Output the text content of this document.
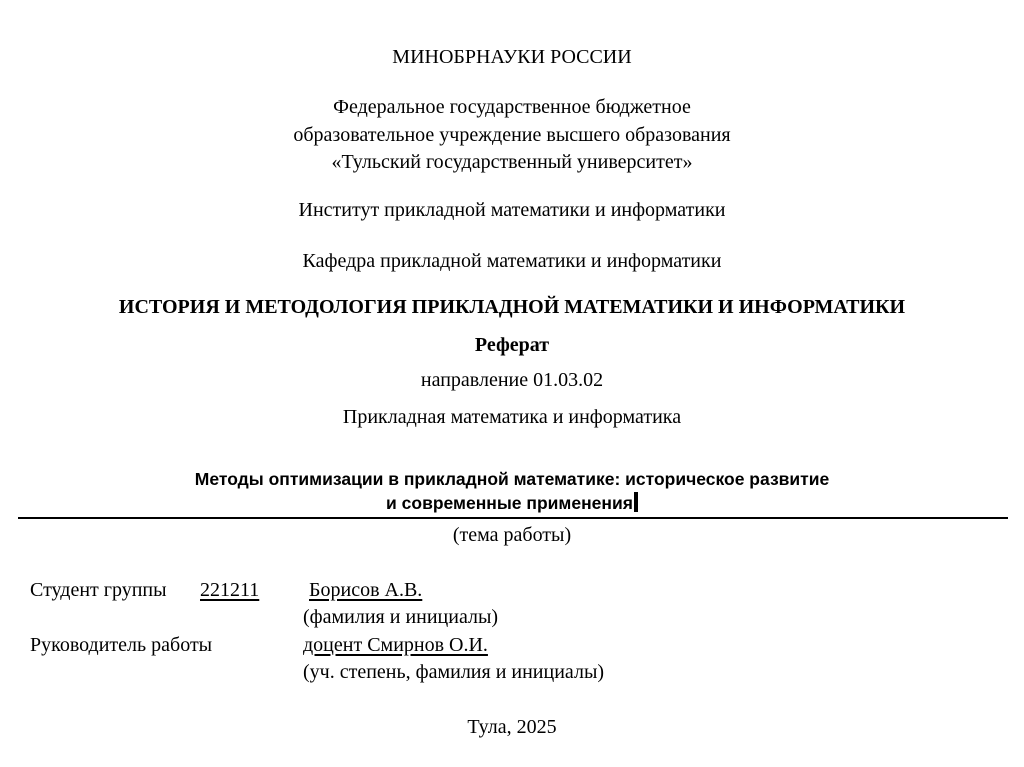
МИНОБРНАУКИ РОССИИ
Федеральное государственное бюджетное
образовательное учреждение высшего образования
«Тульский государственный университет»
Институт прикладной математики и информатики
Кафедра прикладной математики и информатики
ИСТОРИЯ И МЕТОДОЛОГИЯ ПРИКЛАДНОЙ МАТЕМАТИКИ И ИНФОРМАТИКИ
Реферат
направление 01.03.02
Прикладная математика и информатика
Методы оптимизации в прикладной математике: историческое развитие
и современные применения
(тема работы)
Студент группы 221211 Борисов А.В.
(фамилия и инициалы)
Руководитель работы	доцент Смирнов О.И.
(уч. степень, фамилия и инициалы)
Тула, 2025
